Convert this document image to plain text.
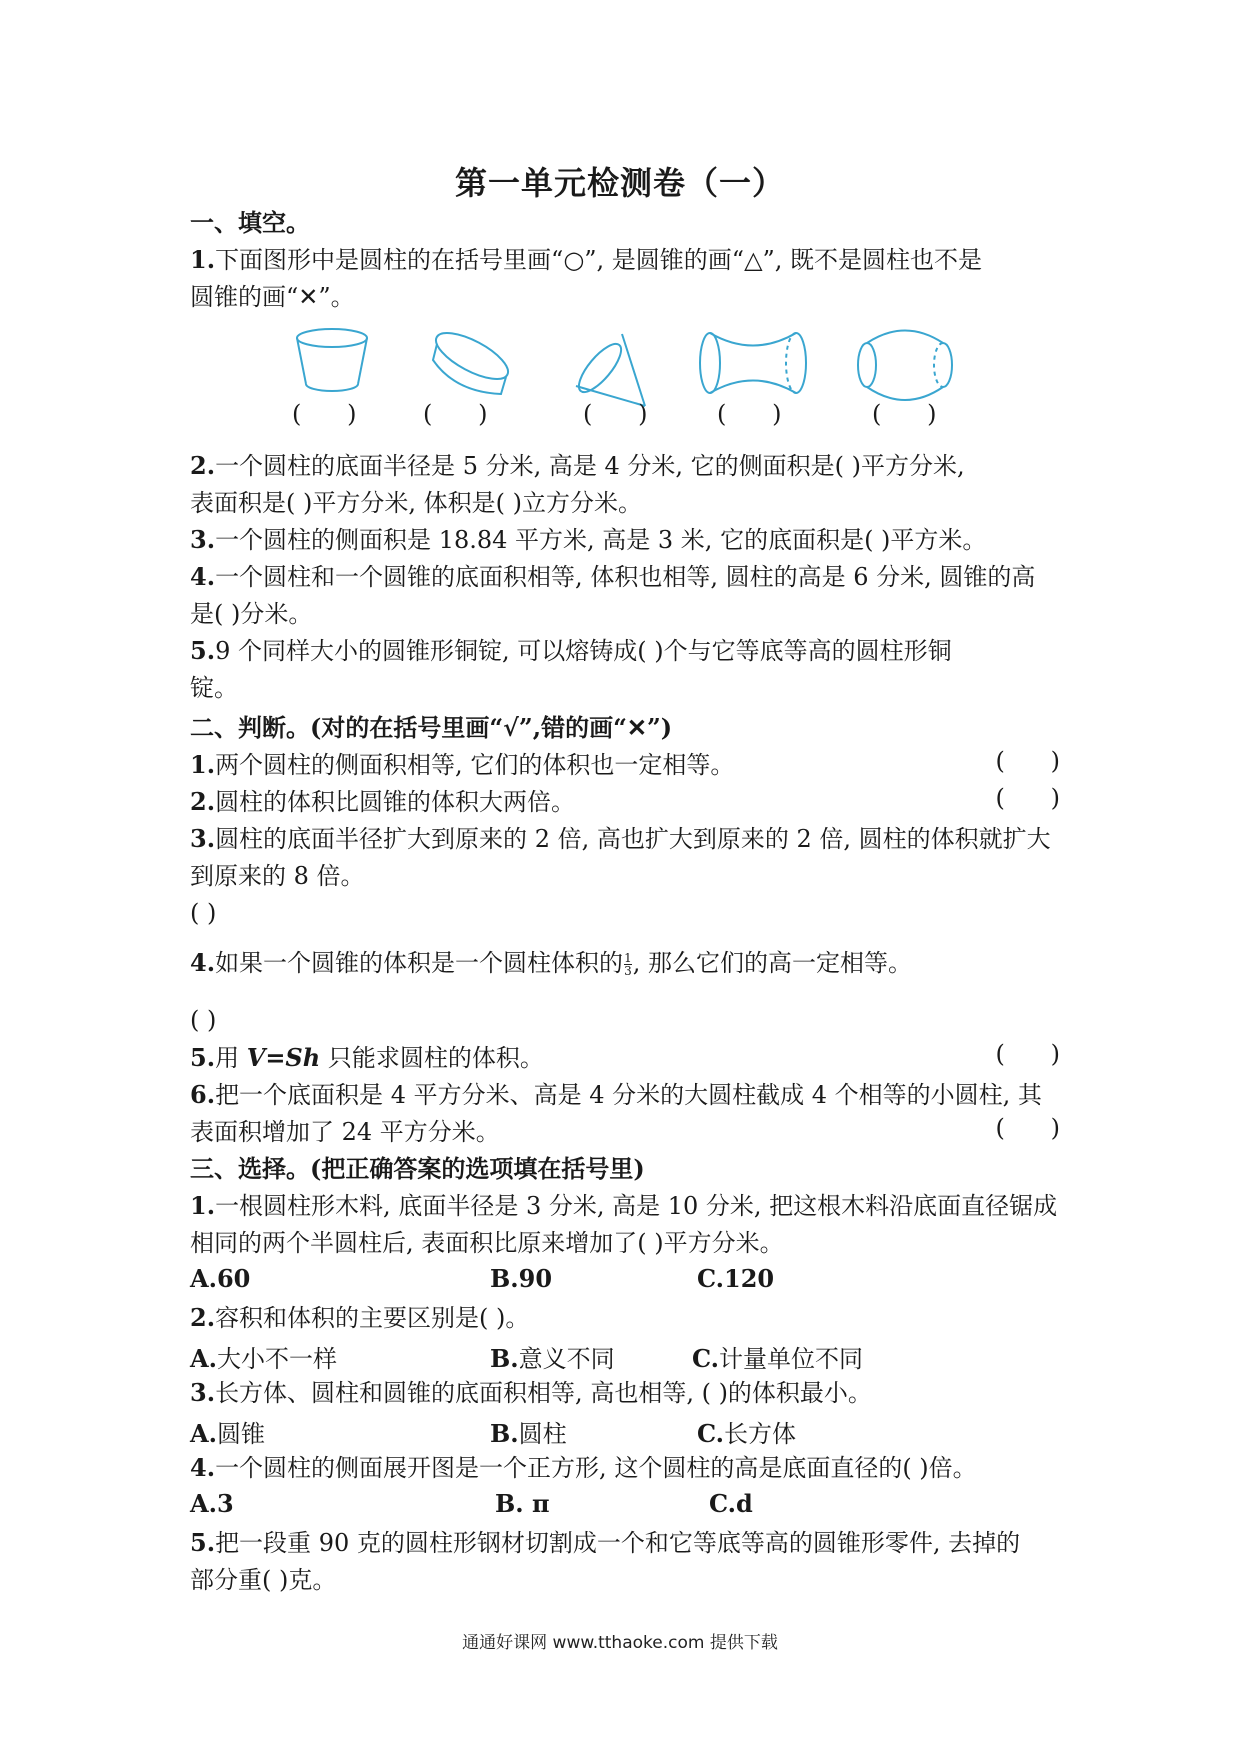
第一单元检测卷（一）
一、填空。
1.下面图形中是圆柱的在括号里画“○”, 是圆锥的画“△”, 既不是圆柱也不是
圆锥的画“✕”。
(      )	(      )	(      )	(      )	(      )
2.一个圆柱的底面半径是 5 分米, 高是 4 分米, 它的侧面积是( )平方分米,
表面积是( )平方分米, 体积是( )立方分米。
3.一个圆柱的侧面积是 18.84 平方米, 高是 3 米, 它的底面积是( )平方米。
4.一个圆柱和一个圆锥的底面积相等, 体积也相等, 圆柱的高是 6 分米, 圆锥的高
是( )分米。
5.9 个同样大小的圆锥形铜锭, 可以熔铸成( )个与它等底等高的圆柱形铜
锭。
二、判断。(对的在括号里画“√”,错的画“✕”)
1.两个圆柱的侧面积相等, 它们的体积也一定相等。	(      )
2.圆柱的体积比圆锥的体积大两倍。	(      )
3.圆柱的底面半径扩大到原来的 2 倍, 高也扩大到原来的 2 倍, 圆柱的体积就扩大
到原来的 8 倍。
( )
4.如果一个圆锥的体积是一个圆柱体积的 $\frac{1}{3}$ , 那么它们的高一定相等。
( )
5.用 V=Sh 只能求圆柱的体积。	(      )
6.把一个底面积是 4 平方分米、高是 4 分米的大圆柱截成 4 个相等的小圆柱, 其
表面积增加了 24 平方分米。	(      )
三、选择。(把正确答案的选项填在括号里)
1.一根圆柱形木料, 底面半径是 3 分米, 高是 10 分米, 把这根木料沿底面直径锯成
相同的两个半圆柱后, 表面积比原来增加了( )平方分米。
A.60	B.90	C.120
2.容积和体积的主要区别是( )。
A.大小不一样	B.意义不同	C.计量单位不同
3.长方体、圆柱和圆锥的底面积相等, 高也相等, ( )的体积最小。
A.圆锥	B.圆柱	C.长方体
4.一个圆柱的侧面展开图是一个正方形, 这个圆柱的高是底面直径的( )倍。
A.3	B. π	C.d
5.把一段重 90 克的圆柱形钢材切割成一个和它等底等高的圆锥形零件, 去掉的
部分重( )克。
通通好课网 www.tthaoke.com 提供下载
